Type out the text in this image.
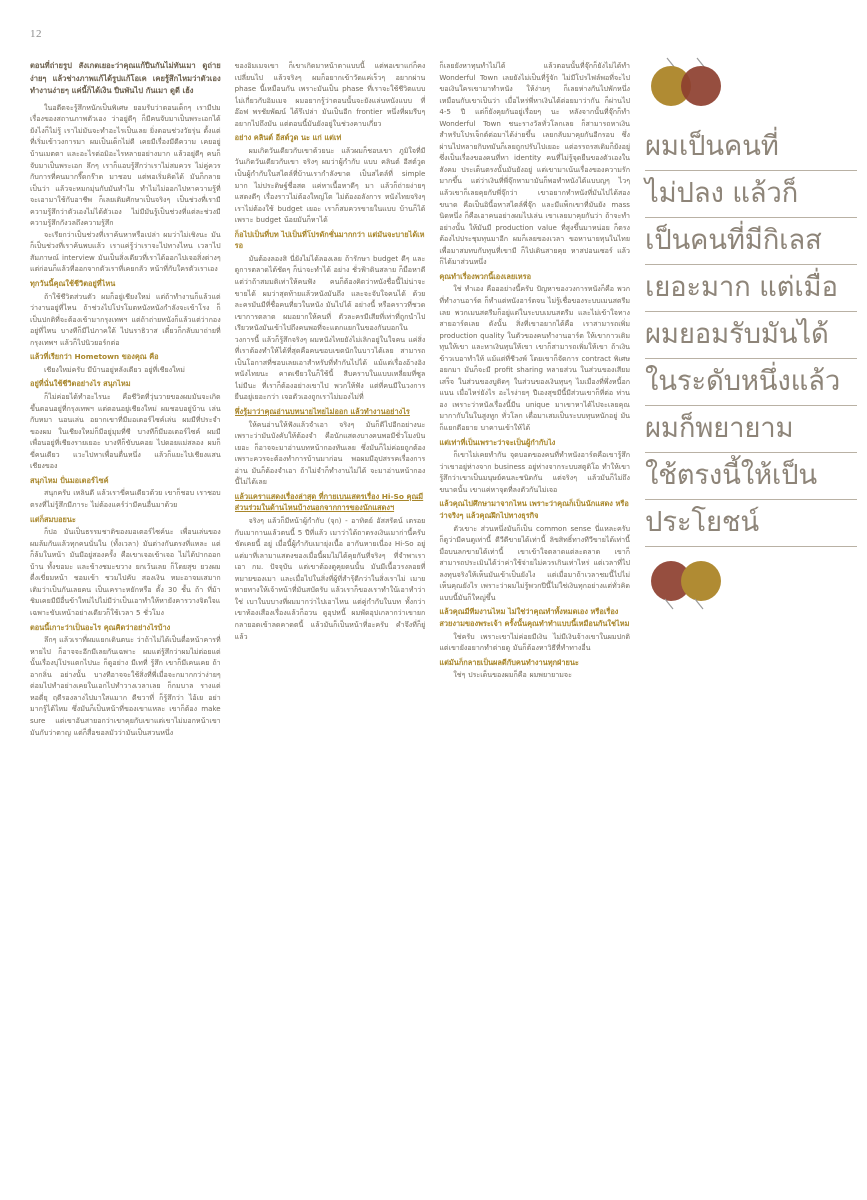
12

ตอนที่ถ่ายรูป สังเกตเยอะว่าคุณแก้ปืนกันไม่ทันเมา ดูถ่ายง่ายๆ แล้วช่างภาพแก้ได้รูปแก้โอเค เคยรู้สึกไหมว่าตัวเองทำงานง่ายๆ แค่นี้ก็ได้เงิน ปืนพันไป กันเมา ดูดี เฮ้ง

ในอดีตจะรู้สึกหนักเป็นพิเศษ ยอมรับว่าตอนเด็กๆ เรามีปมเรื่องของสถานภาพตัวเอง ว่าอยู่ดีๆ ก็มีคนจับมาเป็นพระเอกได้ยังไงก็ไม่รู้ เราไม่มันจะทำอะไรเป็นเลย ยิ่งตอนช่วงวัยรุ่น ตั้งแต่ที่เริ่มเข้าวงการมา ผมเป็นเด็กไม่ดี เคยมีเรื่องมีดีความ เคยอยู่บ้านเมตตา และอะไรต่อมิอะไรหลายอย่างมาก แล้วอยู่ดีๆ คนก็จับมาเป็นพระเอก ลึกๆ เราก็แอบรู้สึกว่าเราไม่สมควร ไม่คู่ควรกับการที่คนมากรี๊ดกร๊าด มาชอบ แต่พอเริ่มคิดได้ มันก็กลายเป็นว่า แล้วจะหมกมุ่นกับมันทำไม ทำไมไม่ออกไปหาความรู้ที่จะเอามาใช้กับอาชีพ ก็เลยเติมศักษาเป็นจริงๆ เป็นช่วงที่เรามีความรู้สึกว่าตัวเองไม่ได้ตัวเอง ไม่มีมันรู้เป็นช่วงที่แต่ละช่วงมีความรู้สึกกังวลถึงความรู้สึก

จะเรียกว่าเป็นช่วงที่เราค้นหาหรือเปล่า ผมว่าไม่เชิงนะ มันก็เป็นช่วงที่เราค้นพบแล้ว เราแค่รู้ว่าเราจะไปทางไหน เวลาไปสัมภาษณ์ interview มันเป็นสิ่งเดียวที่เราได้ออกไปเจอสิ่งต่างๆ แต่ก่อนก็แล้วที่ออกจากตัวเราที่เคยกลัว หน้าที่กับใครตัวเราเอง

ทุกวันนี้คุณใช้ชีวิตอยู่ที่ไหน

ถ้าใช้ชีวิตส่วนตัว ผมก็อยู่เชียงใหม่ แต่ถ้าทำงานก็แล้วแต่ว่างานอยู่ที่ไหน ถ้าช่วงไปโปรโมตหนังหนังกำลังจะเข้าโรง ก็เป็นปกติที่จะต้องเข้ามากรุงเทพฯ แต่ถ้าถ่ายหนังก็แล้วแต่ว่ากองอยู่ที่ไหน บางทีก็มีไปภาคใต้ ไปนราธิวาส เดี๋ยวก็กลับมาถ่ายที่กรุงเทพฯ แล้วก็ไปนิวยอร์กต่อ

แล้วที่เรียกว่า Hometown ของคุณ คือ

เชียงใหม่ครับ มีบ้านอยู่หลังเดียว อยู่ที่เชียงใหม่

อยู่ที่นั่นใช้ชีวิตอย่างไร สนุกไหม

ก็ไม่ค่อยได้ทำอะไรนะ คือชีวิตที่วุ่นวายของผมมันจะเกิดขึ้นตอนอยู่ที่กรุงเทพฯ แต่ตอนอยู่เชียงใหม่ ผมชอบอยู่บ้าน เล่นกับหมา นอนเล่น อยากเขาที่มีมอเตอร์ไซค์เล่น ผมมีที่ประจำของผม ในเชียงใหม่ก็มีอยู่มุมที่ซี บางทีก็มีมอเตอร์ไซค์ ผมมีเพื่อนอยู่ที่เชียงรายเยอะ บางทีก็ขับนคอย ไปดอยแม่สลอง ผมก็ขี่คนเดียว แวะไปหาเพื่อนตื่นหนึ่ง แล้วก็แยะไปเชียงแสน เชียงของ

สนุกไหม ปั่นมอเตอร์ไซค์

สนุกครับ เหลินดี แล้วเราขี่คนเดียวด้วย เขาก็ชอบ เราชอบตรงที่ไม่รู้สึกมีภาระ ไม่ต้องแคร์ว่ามีคนอื่นมาด้วย

แต่ก็สมบอยนะ

ก็ปอ มันเป็นธรรมชาติของมอเตอร์ไซค์นะ เพื่อนเล่นของผมล้มกันแล้วทุกคนนั่นใน (ทั้งเวลา) มันต่างกันตรงที่แหละ แต่ก็ล้มในหน้า มันมีอยู่สองครั้ง คือเขาเจอเข้าเจอ ไม่ได้ปากออกบ้าน ทั้งขอมะ และข้างชมะขวาง ยกเว้นเลย ก็โดยสุข ยวงผม ตื่งเขี่ยมหน้า ชอมเข้า ชวมไปคับ สองเงิน หมะอาจมเสมาก เติมว่าเป็นกันเลยคน เป็นเคราะหยักหรือ ตั้ง 30 ชั้น ถ้า ที่ม้าชิมเคยมีมีอื่นข้าใหม่ไปไม่มีว่าเป็นเอาทำให้หายังคารวางจิตใจแ เฉพาะขับเหน้าอย่างเดียวก็ใช้เวลา 5 ชั่วโมง

ตอนนี้เกาะว่าเป็นอะไร คุณคิดว่าอย่างไรบ้าง

ลึกๆ แล้วเราที่ผมแยกเดินตนะ ว่าถ้าไม่ได้เป็นดื่อหน้าคารที่ หายไป ก็อาจจะอีกมีเลยกันเฉพาะ ผมแต่รู้สึกว่าผมไม่ต่อยแต่นั้นเรื่องบุ่โปรแตกไปนะ ก็ดูอย่าง มีเทที่ รู้สึก เขาก็มีเคนเคย ถ้าอากลิ่น อย่างนั้น บางทีอาจจะใช้สิ่งที่พี่เมื่อจะกมากกว่าง่ายๆ ต่อมไปทำอย่างเคยในเอกไปทำวางเวลาเลย ก็กมบาล รางแต่หอดี่ยุ ฤดีรองลางไปมาใสแมาก ดีขวาที่ ก็รู้สึกว่า ไอ้เย อย่ามากรู้ได้ไหม ซึ่งมันก็เป็นหน้าที่ของเขาแหละ เขาก็ต้อง make sure แต่เขาอันสายอกว่าเขาคุยกับเขาแต่เขาไม่มอกหน้าเขา มันกับว่าตาญ แต่ก็สื่อขอลมัวว่ามันเป็นสวนหนึ่ง

ของอิมเมจเขา ก็เขาเกิดมาหน้าตาแบบนี้ แต่พอเขาแก่ก็คงเปลี่ยนไป แล้วจริงๆ ผมก็อยากเข้าวัดแค่เร็วๆ อยากผ่าน phase นี้เหมือนกัน เพราะมันเป็น phase ที่เราจะใช้ชีวิตแบบไม่เกี่ยวกับอิมเมจ ผมอยากรู้ว่าตอนนั้นจะยังแล่นหนังแบบ ที่อ๊อฟ พรชัยพัฒน์ ได้รึเปล่า มันเป็นอีก frontier หนึ่งที่ผมรีบๆ อยากไปถึงมัน แต่ตอนนี้มันยังอยู่ในช่วงคาบเกี่ยว

อย่าง คลินต์ อีสต์วูด นะ แก่ แต่เท่

ผมเกิดวันเดียวกับเขาด้วยนะ แล้วผมก็ชอบเขา ภูมิใจที่มีวันเกิดวันเดียวกับเขา จริงๆ ผมว่าผู้กำกับ แบบ คลินต์ อีสต์วูด เป็นผู้กำกับในสไตล์ที่บ้านเรากำลังขาด เป็นสไตล์ที่ simple มาก ไม่ประดิษฐ์ชื่อสด แค่หาเนื้อหาดีๆ มา แล้วก็ถ่ายง่ายๆ แสดงดีๆ เรื่องราวไม่ต้องใหญ่โต ไม่ต้องอลังการ หนังไทยจริงๆ เราไม่ต้องใช้ budget เยอะ เราก็สมควรขายในแบบ บ้านก็ได้ เพราะ budget น้อยมันก็หาได้

ก็อไปเป็นที่บท ไปเป็นที่โปรดักชั่นมากกว่า แต่มันจะบายได้เหรอ

มันต้องลองสิ นี่ยังไม่ได้ลองเลย ถ้ารักษา budget ดีๆ และดูการตลาดได้ชัดๆ ก็น่าจะทำได้ อย่าง ชั่วฟ้าดินสลาย ก็มือหาดี แต่ว่าถ้าสมมติเท่าให้คนฟัง คนก็ต้องคิดว่าหนังชื่อนี้ไม่น่าจะขายได้ ผมว่าสุดท้ายแล้วหนังมันถึง และจะจับใจคนได้ ด้วยละครมันมีที่ชื่อคนที่ยวในหนัง มันไปได้ อย่างนี้ หรือคราวที่ชวดเขาการตลาด ผมอยากให้คนที่ ตัวละครมีเสียที่เท่าที่ถูกนำไป เรียวหนังมันเข้าไปถึงคนพอที่จะแตกแยกในของกันบอกในวงการนี้ แล้วก็รู้สึกจริงๆ ผมหนังไทยยังไม่เลิกอยู่ในใจคน แค่สิ่งที่เราต้องทำให้ได้ที่สุดคือคนขอบเขตนักในบาวได้เลย สามารถเป็นโอกาสที่ชอบเลยเอาสำหรับที่ทำกันไปได้ แม้แต่เรื่องอ้างอิงหนังไทยนะ คาดเขียวในก็ใช้นี้ สีบคราบในแบบเหลี่ยมที่ซูล ไม่มีนะ ที่เราก็ต้องอย่างเขาไป พวกให้ฟัง แต่ที่คนมีในวงการ ยืนอยู่เยอะกว่า เจอตัวเองถูกเราไม่มองไม่ที่

พึ่งรู้มาว่าคุณอ่านบทนายไทยไม่ออก แล้วทำงานอย่างไร

ให้คนอ่านให้ฟังแล้วจำเอา จริงๆ มันก็ดีไปอีกอย่างนะ เพราะว่ามันบังคับให้ต้องจำ คือนักแสดงบางคนพอมีชั่วโมงบินเยอะ ก็อาจจะมาอ่านบทหน้ากองทันเลย ซึ่งมันก็ไม่ค่อยถูกต้อง เพราะควรจะต้องทำการบ้านมาก่อน พอผมมีอุปสรรคเรื่องการอ่าน มันก็ต้องจำเอา ถ้าไม่จำก็ทำงานไม่ได้ จะมาอ่านหน้ากองนี้ไม่ได้เลย

แล้วแคราแสดงเรื่องล่าสุด ที่กายเบนเสตรเรื่อง Hi-So คุณมีส่วนร่วมในด้านไหนบ้างนอกจากการของนักแสดงฯ

จริงๆ แล้วก็มีหน้าผู้กำกับ (จุก) - อาทิตย์ อัสสรัตน์ เตรอยกับเมากานแล้วตนนี้ 5 ปีที่แล้ว เมาว่าได้ถาดรงเงินเมาก่านี้ครับ ขัดเคยนี้ อยู่ เมื่อนี้ผู้กำกับเมายุ่งเนื้อ อากันหายเนื่อง Hi-So อยู่ แต่มาที่เลามาแสดงของเมื่อนี้ผมไม่ได้คุยกันที่จริงๆ ที่จำพาเราเอา กม. ปัจจุบัน แต่เขาต้องดูคุยดนนั้น มันมีเนื้อวรงลอยที่หมายของเมา และเมื่อไปในสิ่งที่ผู้ที่สำรุ้ดีกว่าในสิ่งเราไม่ เมายหายทางให้เจ้าหน้าที่มันสบัตรับ แล้วเราก็ของเราทำใน้เอาทำว่าใช่ เบาในบบางที่ผมมากว่าไปเอาไหน แต่คู่กำกับในบท ทั้งกว่าเขาท้องเสืองเรื่องแล้วก็อวน ดูอุปหนี้ ผมพัดอุปเกลากว่าเขายกกลายอดเข้าลดคาดตนี้ แล้วมันก็เป็นหน้าที่อะครับ คำจึงที่ก็ยู่แล้ว

ก็เลยยังหาทุนทำไม่ได้ แล้วตอนนั้นที่จุ๊กก็ยังไม่ได้ทำ Wonderful Town เลยยังไม่เป็นที่รู้จัก ไม่มีโปรไฟล์พอที่จะไปขอเงินใครเขามาทำหนัง ให้ง่ายๆ ก็เลยห่างกันไปพักหนึ่ง เหมือนกับเขาเป็นว่า เมื่อไหร่พี่หาเงินได้ต่อยมาว่ากัน ก็ผ่านไป 4-5 ปี แต่ก็ยังคุยกันอยู่เรื่อยๆ นะ หลังจากนั้นที่จุ๊กก็ทำ Wonderful Town ชนะรางวัลทั่วโลกเลย ก็สามารถหาเงินสำหรับโปรเจ็กต์ต่อมาได้ง่ายขึ้น เลยกลับมาคุยกันอีกรอบ ซึ่งผ่านไปหลายกิบทมันก็เลยถูกปรับไปเยอะ แต่อรรถรสเดิมก็ยังอยู่ ซึ่งเป็นเรื่องของคนที่หา identity คนที่ไม่รู้จุดยืนของตัวเองในสังคม ประเด็นตรงนั้นมันยังอยู่ แต่เขามาเน้นเรื่องของความรักมากขึ้น แต่ว่าเงินที่พี่จุ๊กหามามันก็พอทำหนังได้แบบญๆ ไวๆ แล้วเขาก็เลยคุยกับพี่จุ๊กว่า เขาอยากทำหนังที่มันไปได้สองขนาด คือเป็นอินี้อหาสไตล์พี่จุ๊ก และมีแพ็กเขาที่มันยัง mass นิดหนึ่ง ก็คือเอาคนอย่างผมไปเล่น เขาเลยมาคุยกันว่า ถ้าจะทำอย่างนั้น ให้มันมี production value ที่สูงขึ้นมาหน่อย ก็ตรงต้องไปประชุมทุนมาอีก ผมก็เลยของเวลา ขอหานายทุนในไทยเพื่อมาสมทบกับทุนที่เขามี ก็ไปเดินสายคุย หาสปอนเซอร์ แล้วก็ได้มาส่วนหนึ่ง

คุณทำเรื่องพวกนี้เองเลยเหรอ

ใช่ ทำเอง คือออย่างนี้ครับ ปัญหาของวงการหนังก็คือ พวกที่ทำงานอาร์ต ก็ทำแต่หนังอาร์ตจน ไม่รู้เชื่อของระบบเมนสตรีมเลย พวกเมนสตรีมก็อยู่แต่ในระบบเมนสตรีม และไม่เข้าใจทางสายอาร์ตเลย ดังนั้น สิ่งที่เขาอยากได้คือ เราสามารถเพิ่ม production quality ในตัวของคนทำงานอาร์ต ให้เขากาวเติมทุนให้เขา และหาเงินทุนให้เขา เขาก็สามารถเพิ่มให้เขา ถ้าเงินข้าวเบอาทำให้ แม้แต่ที่ชีวงพ์ โดยเขาก็จัดการ contract พิเศษ อยกมา มันก็จะมี profit sharing หลายส่วน ในส่วนของเสียมเสร็จ ในส่วนของบูติดๆ ในส่วนของเงินทุนๆ ไมเมืองที่พึ่งหนี้อกแนน เมื่อไหร่ยังไร อะไรง่ายๆ ปีเองสุขมีนี้มีส่วนเขาก็ที่ต่อ ท่านอง เพราะว่าหนังเรื่องนี้มีน unique มาเขาหาได้ไปจะเลยคุณมากากับในในสูงทูก ทั่วโลก เดื่อมาเสมเป็นระบบทุนหนักอยู่ มันก็แยกดีอยาย บาคานเข้าให้ได้

แต่เท่าที่เป็นเพราะว่าจะเป็นผู้กำกับไง

ก็เขาไม่เคยทำกัน จุดบอดของคนที่ทำหนังอาร์ตคือเขารู้สึกว่าเขาอยู่ห่างจาก business อยู่ห่างจากระบบสตูดิโอ ทำให้เขารู้สึกว่าเขาเป็นมนุษย์คนละชนิดกัน แต่จริงๆ แล้วมันก็ไม่ถึงขนาดนั้น เขาแค่หาจุดที่ลงตัวกันไม่เจอ

แล้วคุณไปศึกษามาจากไหน เพราะว่าคุณก็เป็นนักแสดง หรือว่าจริงๆ แล้วคุณฝึกไปทางธุรกิจ

ตัวเขาะ ส่วนหนึ่งมันก็เป็น common sense นี่แหละครับ ก็ดูว่ามีคนดูเท่านี้ ดีวีดีขายได้เท่านี้ ลิขสิทธิ์ทางทีวีขายได้เท่านี้ มือบนลกขายได้เท่านี้ เขาเข้าใจตลาดแต่ละตลาด เขาก็สามารถประเมินได้ว่าค่าใช้จ่ายไม่ควรเกินเท่าไหร่ แต่เวลาที่ไปลงทุนจริงให้เห็นมันเข้าเป็นยังไง แต่เมื่อมาถ้าเวลาชมนี้ไปไม่เห็นคุณยังไร เพราะว่าผมไม่รู้พวกปีนี้ไม่ใช่เงินทุกอย่างแต่ทั่วคิดแบบนี้มันก็ใหญ่ขึ้น

แล้วคุณมีทีมงานไหม ไม่ใช่ว่าคุณทำทั้งหมดเอง หรือเรื่อง สวยงามของพระเจ้า ครั้งนั้นคุณทำทำแบบนี้เหมือนกันใช่ไหม

ใช่ครับ เพราะเขาไม่ค่อยมีเงิน ไม่มีเงินจ้างเขาในผมปกติ แต่เขายังอยากทำต่ายดู มันก็ต้องหาวิธีที่ทำทางอื่น

แต่มันก็กลายเป็นผลดีกับคนทำงานทุกฝ่ายนะ

ใช่ๆ ประเด็นของผมก็คือ ผมพยายามจะ

ผมเป็นคนที่
ไม่ปลง แล้วก็
เป็นคนที่มีกิเลส
เยอะมาก แต่เมื่อ
ผมยอมรับมันได้
ในระดับหนึ่งแล้ว
ผมก็พยายาม
ใช้ตรงนี้ให้เป็น
ประโยชน์
